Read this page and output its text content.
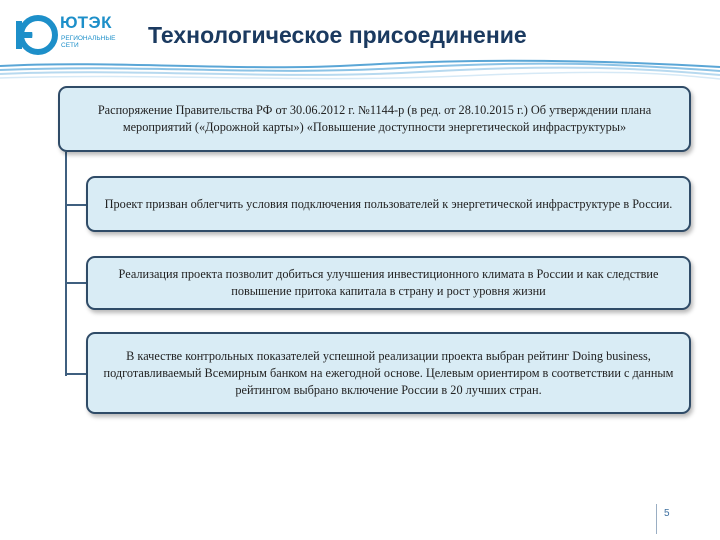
ЮТЭК
РЕГИОНАЛЬНЫЕ СЕТИ	Технологическое присоединение
Распоряжение Правительства РФ от 30.06.2012 г. №1144-р (в ред. от 28.10.2015 г.) Об утверждении плана мероприятий («Дорожной карты») «Повышение доступности энергетической инфраструктуры»
Проект призван облегчить условия подключения пользователей к энергетической инфраструктуре в России.
Реализация проекта позволит добиться улучшения инвестиционного климата в России и как следствие повышение притока капитала в страну и рост уровня жизни
В качестве контрольных показателей успешной реализации проекта выбран рейтинг Doing business, подготавливаемый Всемирным банком на ежегодной основе. Целевым ориентиром в соответствии с данным рейтингом выбрано включение России в 20 лучших стран.
5
